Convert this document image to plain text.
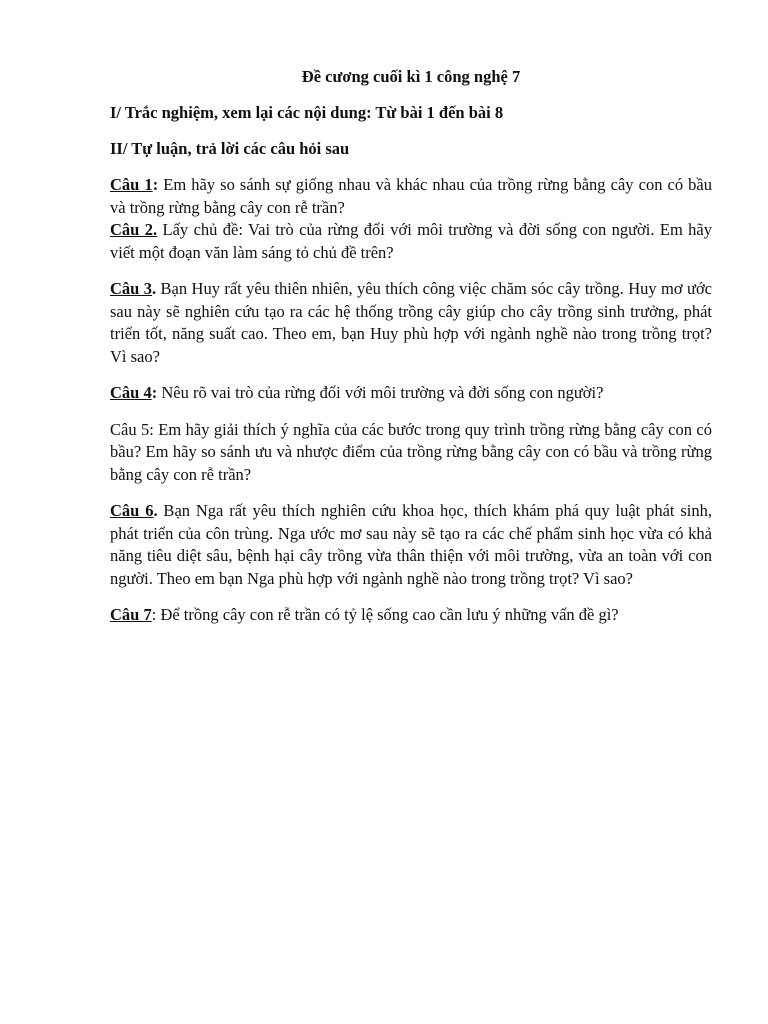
Đề cương cuối kì 1 công nghệ 7

I/ Trắc nghiệm, xem lại các nội dung: Từ bài 1 đến bài 8

II/ Tự luận, trả lời các câu hỏi sau

Câu 1: Em hãy so sánh sự giống nhau và khác nhau của trồng rừng bằng cây con có bầu và trồng rừng bằng cây con rễ trần?

Câu 2. Lấy chủ đề: Vai trò của rừng đối với môi trường và đời sống con người. Em hãy viết một đoạn văn làm sáng tỏ chủ đề trên?

Câu 3. Bạn Huy rất yêu thiên nhiên, yêu thích công việc chăm sóc cây trồng. Huy mơ ước sau này sẽ nghiên cứu tạo ra các hệ thống trồng cây giúp cho cây trồng sinh trưởng, phát triển tốt, năng suất cao. Theo em, bạn Huy phù hợp với ngành nghề nào trong trồng trọt? Vì sao?

Câu 4: Nêu rõ vai trò của rừng đối với môi trường và đời sống con người?

Câu 5: Em hãy giải thích ý nghĩa của các bước trong quy trình trồng rừng bằng cây con có bầu? Em hãy so sánh ưu và nhược điểm của trồng rừng bằng cây con có bầu và trồng rừng bằng cây con rễ trần?

Câu 6. Bạn Nga rất yêu thích nghiên cứu khoa học, thích khám phá quy luật phát sinh, phát triển của côn trùng. Nga ước mơ sau này sẽ tạo ra các chế phẩm sinh học vừa có khả năng tiêu diệt sâu, bệnh hại cây trồng vừa thân thiện với môi trường, vừa an toàn với con người. Theo em bạn Nga phù hợp với ngành nghề nào trong trồng trọt? Vì sao?

Câu 7: Để trồng cây con rễ trần có tỷ lệ sống cao cần lưu ý những vấn đề gì?
